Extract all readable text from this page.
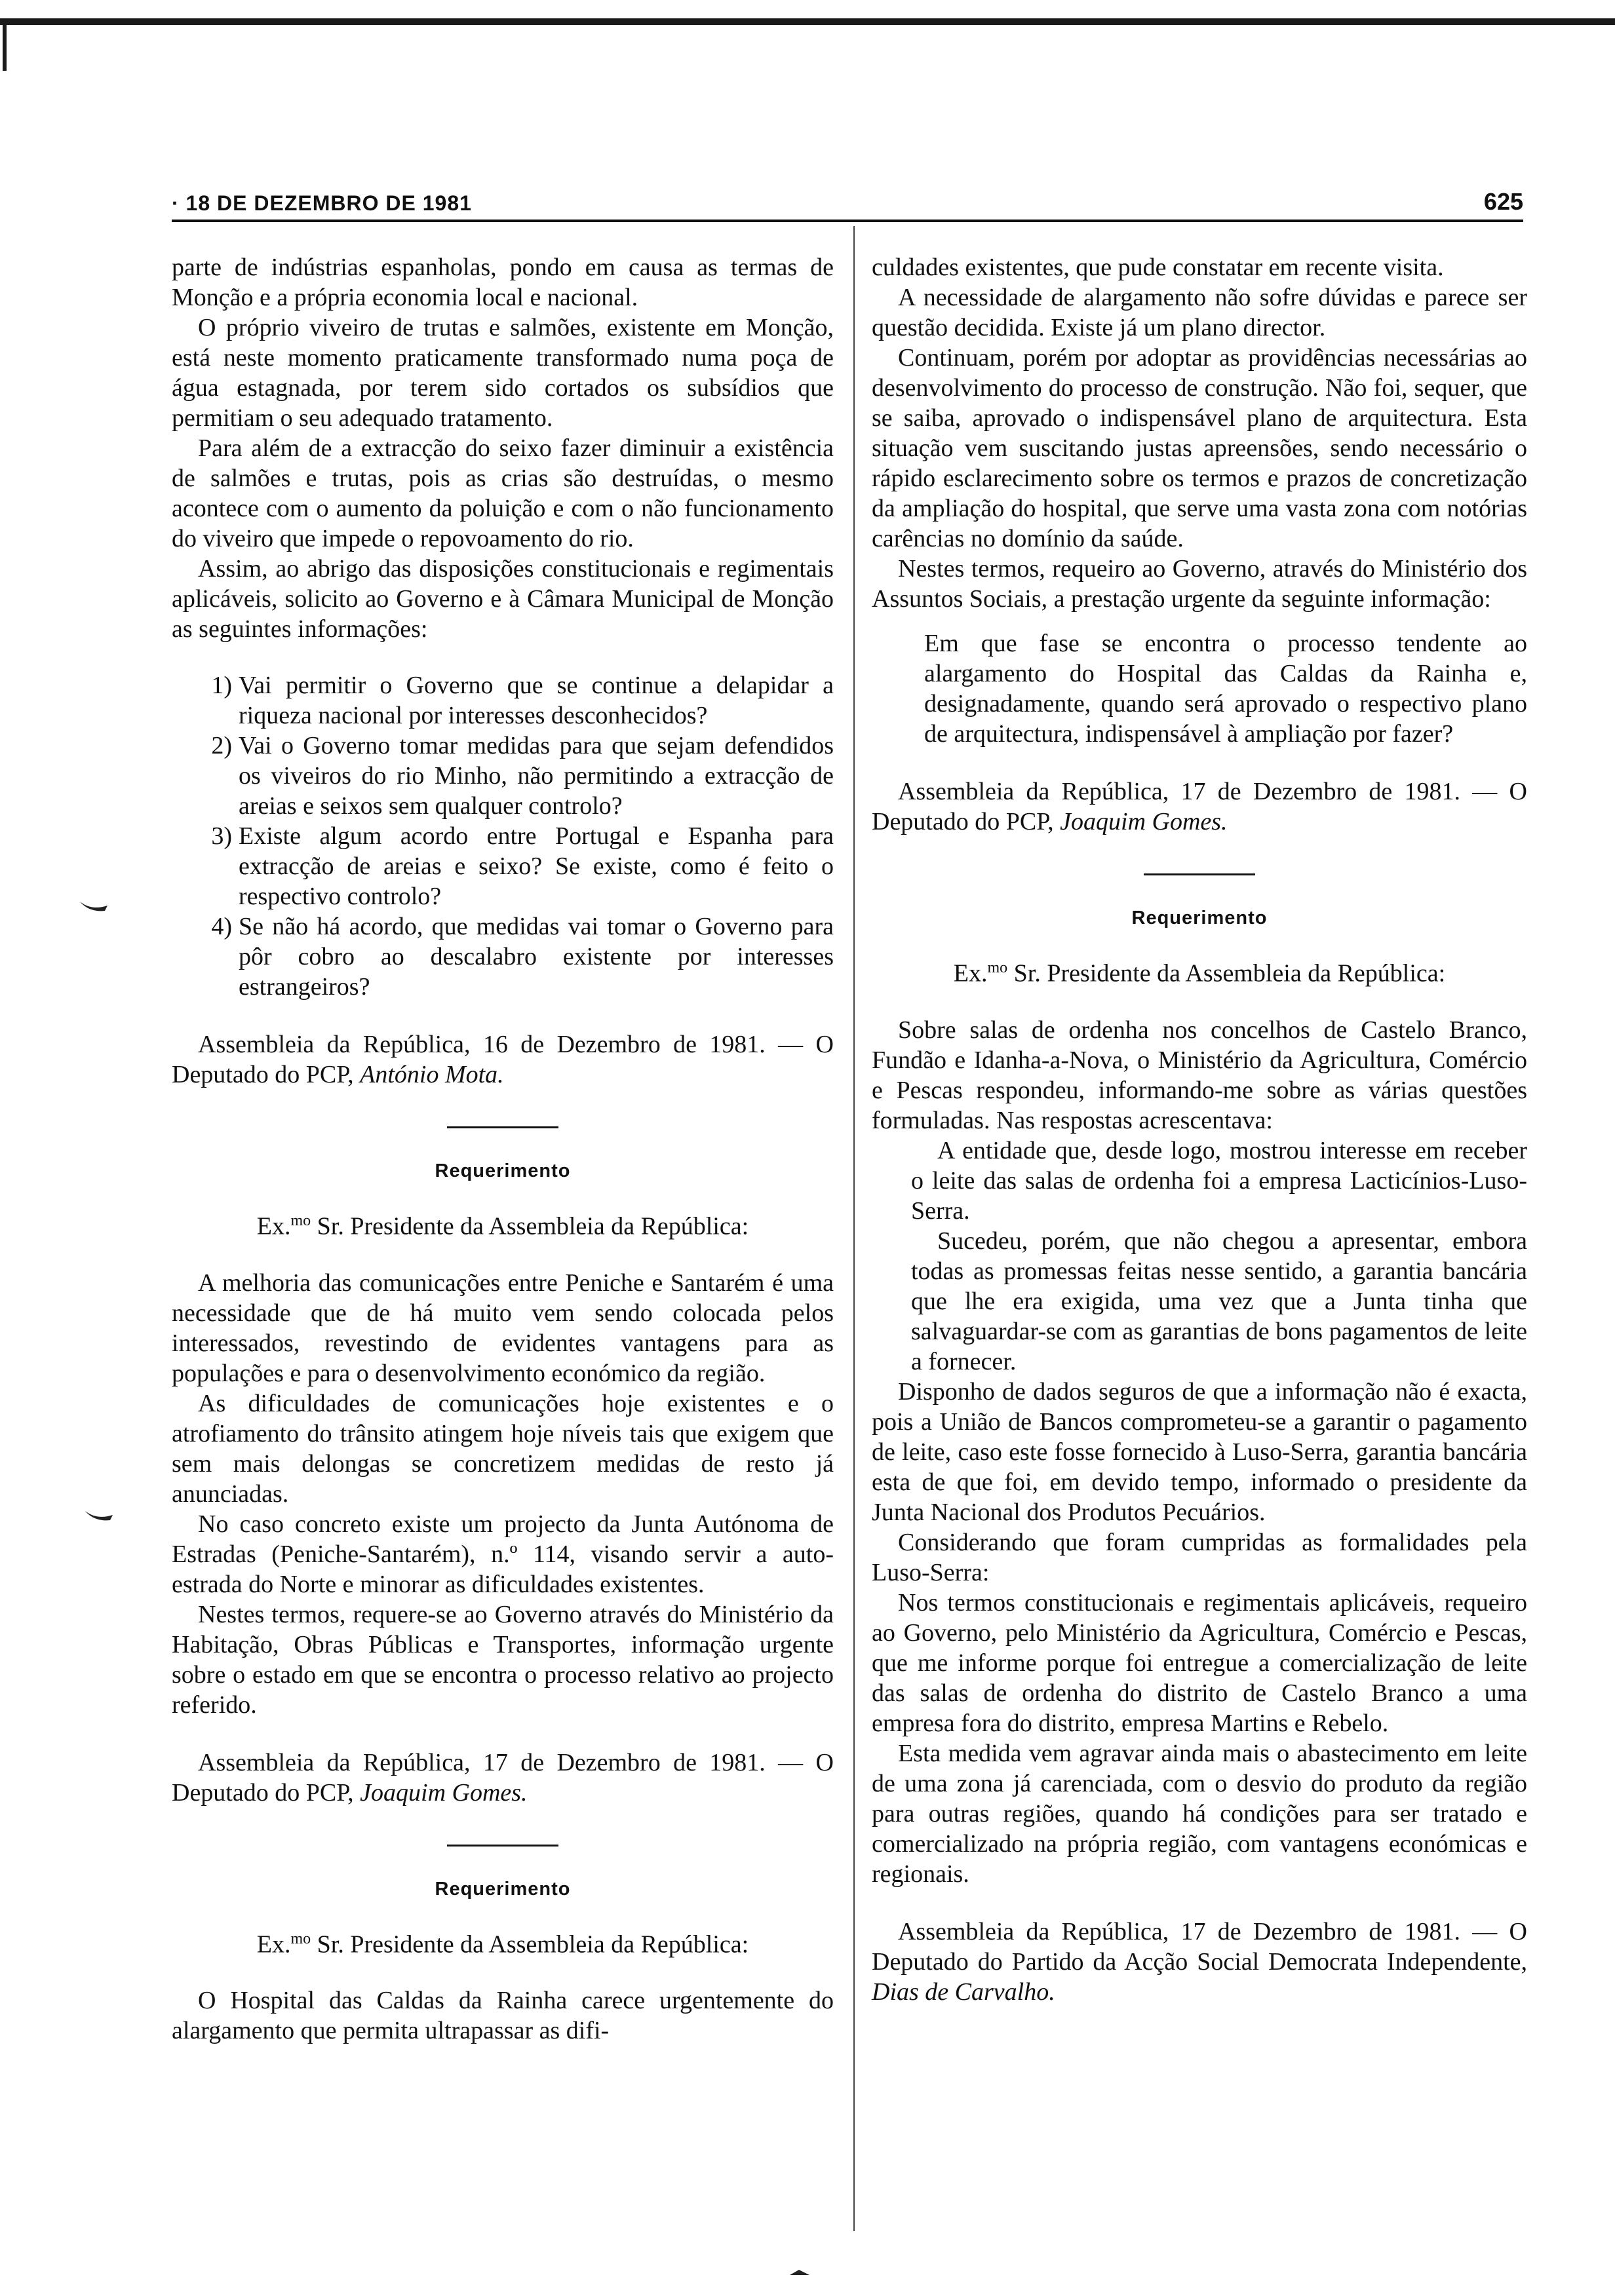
· 18 DE DEZEMBRO DE 1981	625

parte de indústrias espanholas, pondo em causa as termas de Monção e a própria economia local e nacional.

O próprio viveiro de trutas e salmões, existente em Monção, está neste momento praticamente transformado numa poça de água estagnada, por terem sido cortados os subsídios que permitiam o seu adequado tratamento.

Para além de a extracção do seixo fazer diminuir a existência de salmões e trutas, pois as crias são destruídas, o mesmo acontece com o aumento da poluição e com o não funcionamento do viveiro que impede o repovoamento do rio.

Assim, ao abrigo das disposições constitucionais e regimentais aplicáveis, solicito ao Governo e à Câmara Municipal de Monção as seguintes informações:

1) Vai permitir o Governo que se continue a delapidar a riqueza nacional por interesses desconhecidos?
2) Vai o Governo tomar medidas para que sejam defendidos os viveiros do rio Minho, não permitindo a extracção de areias e seixos sem qualquer controlo?
3) Existe algum acordo entre Portugal e Espanha para extracção de areias e seixo? Se existe, como é feito o respectivo controlo?
4) Se não há acordo, que medidas vai tomar o Governo para pôr cobro ao descalabro existente por interesses estrangeiros?

Assembleia da República, 16 de Dezembro de 1981. — O Deputado do PCP, António Mota.

Requerimento
Ex.$^{mo}$ Sr. Presidente da Assembleia da República:

A melhoria das comunicações entre Peniche e Santarém é uma necessidade que de há muito vem sendo colocada pelos interessados, revestindo de evidentes vantagens para as populações e para o desenvolvimento económico da região.

As dificuldades de comunicações hoje existentes e o atrofiamento do trânsito atingem hoje níveis tais que exigem que sem mais delongas se concretizem medidas de resto já anunciadas.

No caso concreto existe um projecto da Junta Autónoma de Estradas (Peniche-Santarém), n.º 114, visando servir a auto-estrada do Norte e minorar as dificuldades existentes.

Nestes termos, requere-se ao Governo através do Ministério da Habitação, Obras Públicas e Transportes, informação urgente sobre o estado em que se encontra o processo relativo ao projecto referido.

Assembleia da República, 17 de Dezembro de 1981. — O Deputado do PCP, Joaquim Gomes.

Requerimento
Ex.$^{mo}$ Sr. Presidente da Assembleia da República:

O Hospital das Caldas da Rainha carece urgentemente do alargamento que permita ultrapassar as difi-

culdades existentes, que pude constatar em recente visita.

A necessidade de alargamento não sofre dúvidas e parece ser questão decidida. Existe já um plano director.

Continuam, porém por adoptar as providências necessárias ao desenvolvimento do processo de construção. Não foi, sequer, que se saiba, aprovado o indispensável plano de arquitectura. Esta situação vem suscitando justas apreensões, sendo necessário o rápido esclarecimento sobre os termos e prazos de concretização da ampliação do hospital, que serve uma vasta zona com notórias carências no domínio da saúde.

Nestes termos, requeiro ao Governo, através do Ministério dos Assuntos Sociais, a prestação urgente da seguinte informação:

Em que fase se encontra o processo tendente ao alargamento do Hospital das Caldas da Rainha e, designadamente, quando será aprovado o respectivo plano de arquitectura, indispensável à ampliação por fazer?

Assembleia da República, 17 de Dezembro de 1981. — O Deputado do PCP, Joaquim Gomes.

Requerimento
Ex.$^{mo}$ Sr. Presidente da Assembleia da República:

Sobre salas de ordenha nos concelhos de Castelo Branco, Fundão e Idanha-a-Nova, o Ministério da Agricultura, Comércio e Pescas respondeu, informando-me sobre as várias questões formuladas. Nas respostas acrescentava:

A entidade que, desde logo, mostrou interesse em receber o leite das salas de ordenha foi a empresa Lacticínios-Luso-Serra.

Sucedeu, porém, que não chegou a apresentar, embora todas as promessas feitas nesse sentido, a garantia bancária que lhe era exigida, uma vez que a Junta tinha que salvaguardar-se com as garantias de bons pagamentos de leite a fornecer.

Disponho de dados seguros de que a informação não é exacta, pois a União de Bancos comprometeu-se a garantir o pagamento de leite, caso este fosse fornecido à Luso-Serra, garantia bancária esta de que foi, em devido tempo, informado o presidente da Junta Nacional dos Produtos Pecuários.

Considerando que foram cumpridas as formalidades pela Luso-Serra:

Nos termos constitucionais e regimentais aplicáveis, requeiro ao Governo, pelo Ministério da Agricultura, Comércio e Pescas, que me informe porque foi entregue a comercialização de leite das salas de ordenha do distrito de Castelo Branco a uma empresa fora do distrito, empresa Martins e Rebelo.

Esta medida vem agravar ainda mais o abastecimento em leite de uma zona já carenciada, com o desvio do produto da região para outras regiões, quando há condições para ser tratado e comercializado na própria região, com vantagens económicas e regionais.

Assembleia da República, 17 de Dezembro de 1981. — O Deputado do Partido da Acção Social Democrata Independente, Dias de Carvalho.
